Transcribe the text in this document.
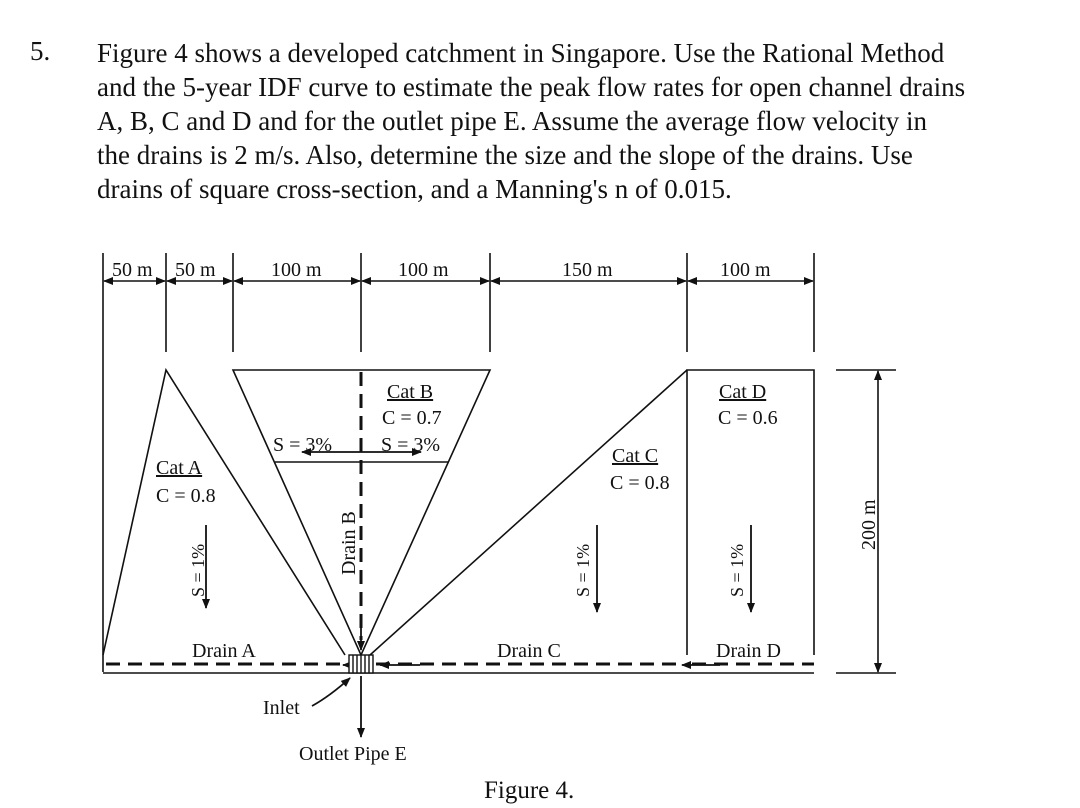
5. Figure 4 shows a developed catchment in Singapore. Use the Rational Method
and the 5-year IDF curve to estimate the peak flow rates for open channel drains
A, B, C and D and for the outlet pipe E. Assume the average flow velocity in
the drains is 2 m/s. Also, determine the size and the slope of the drains. Use
drains of square cross-section, and a Manning's n of 0.015.
50 m 50 m	100 m	100 m	150 m	100 m
200 m
Cat A
C = 0.8
S = 1%
Cat B
C = 0.7
S = 3% S = 3%	Cat C
C = 0.8
S = 1%
Cat D
C = 0.6
S = 1%
Drain A
Drain B
Drain C	Drain D
Inlet
Outlet Pipe E
Figure 4.
